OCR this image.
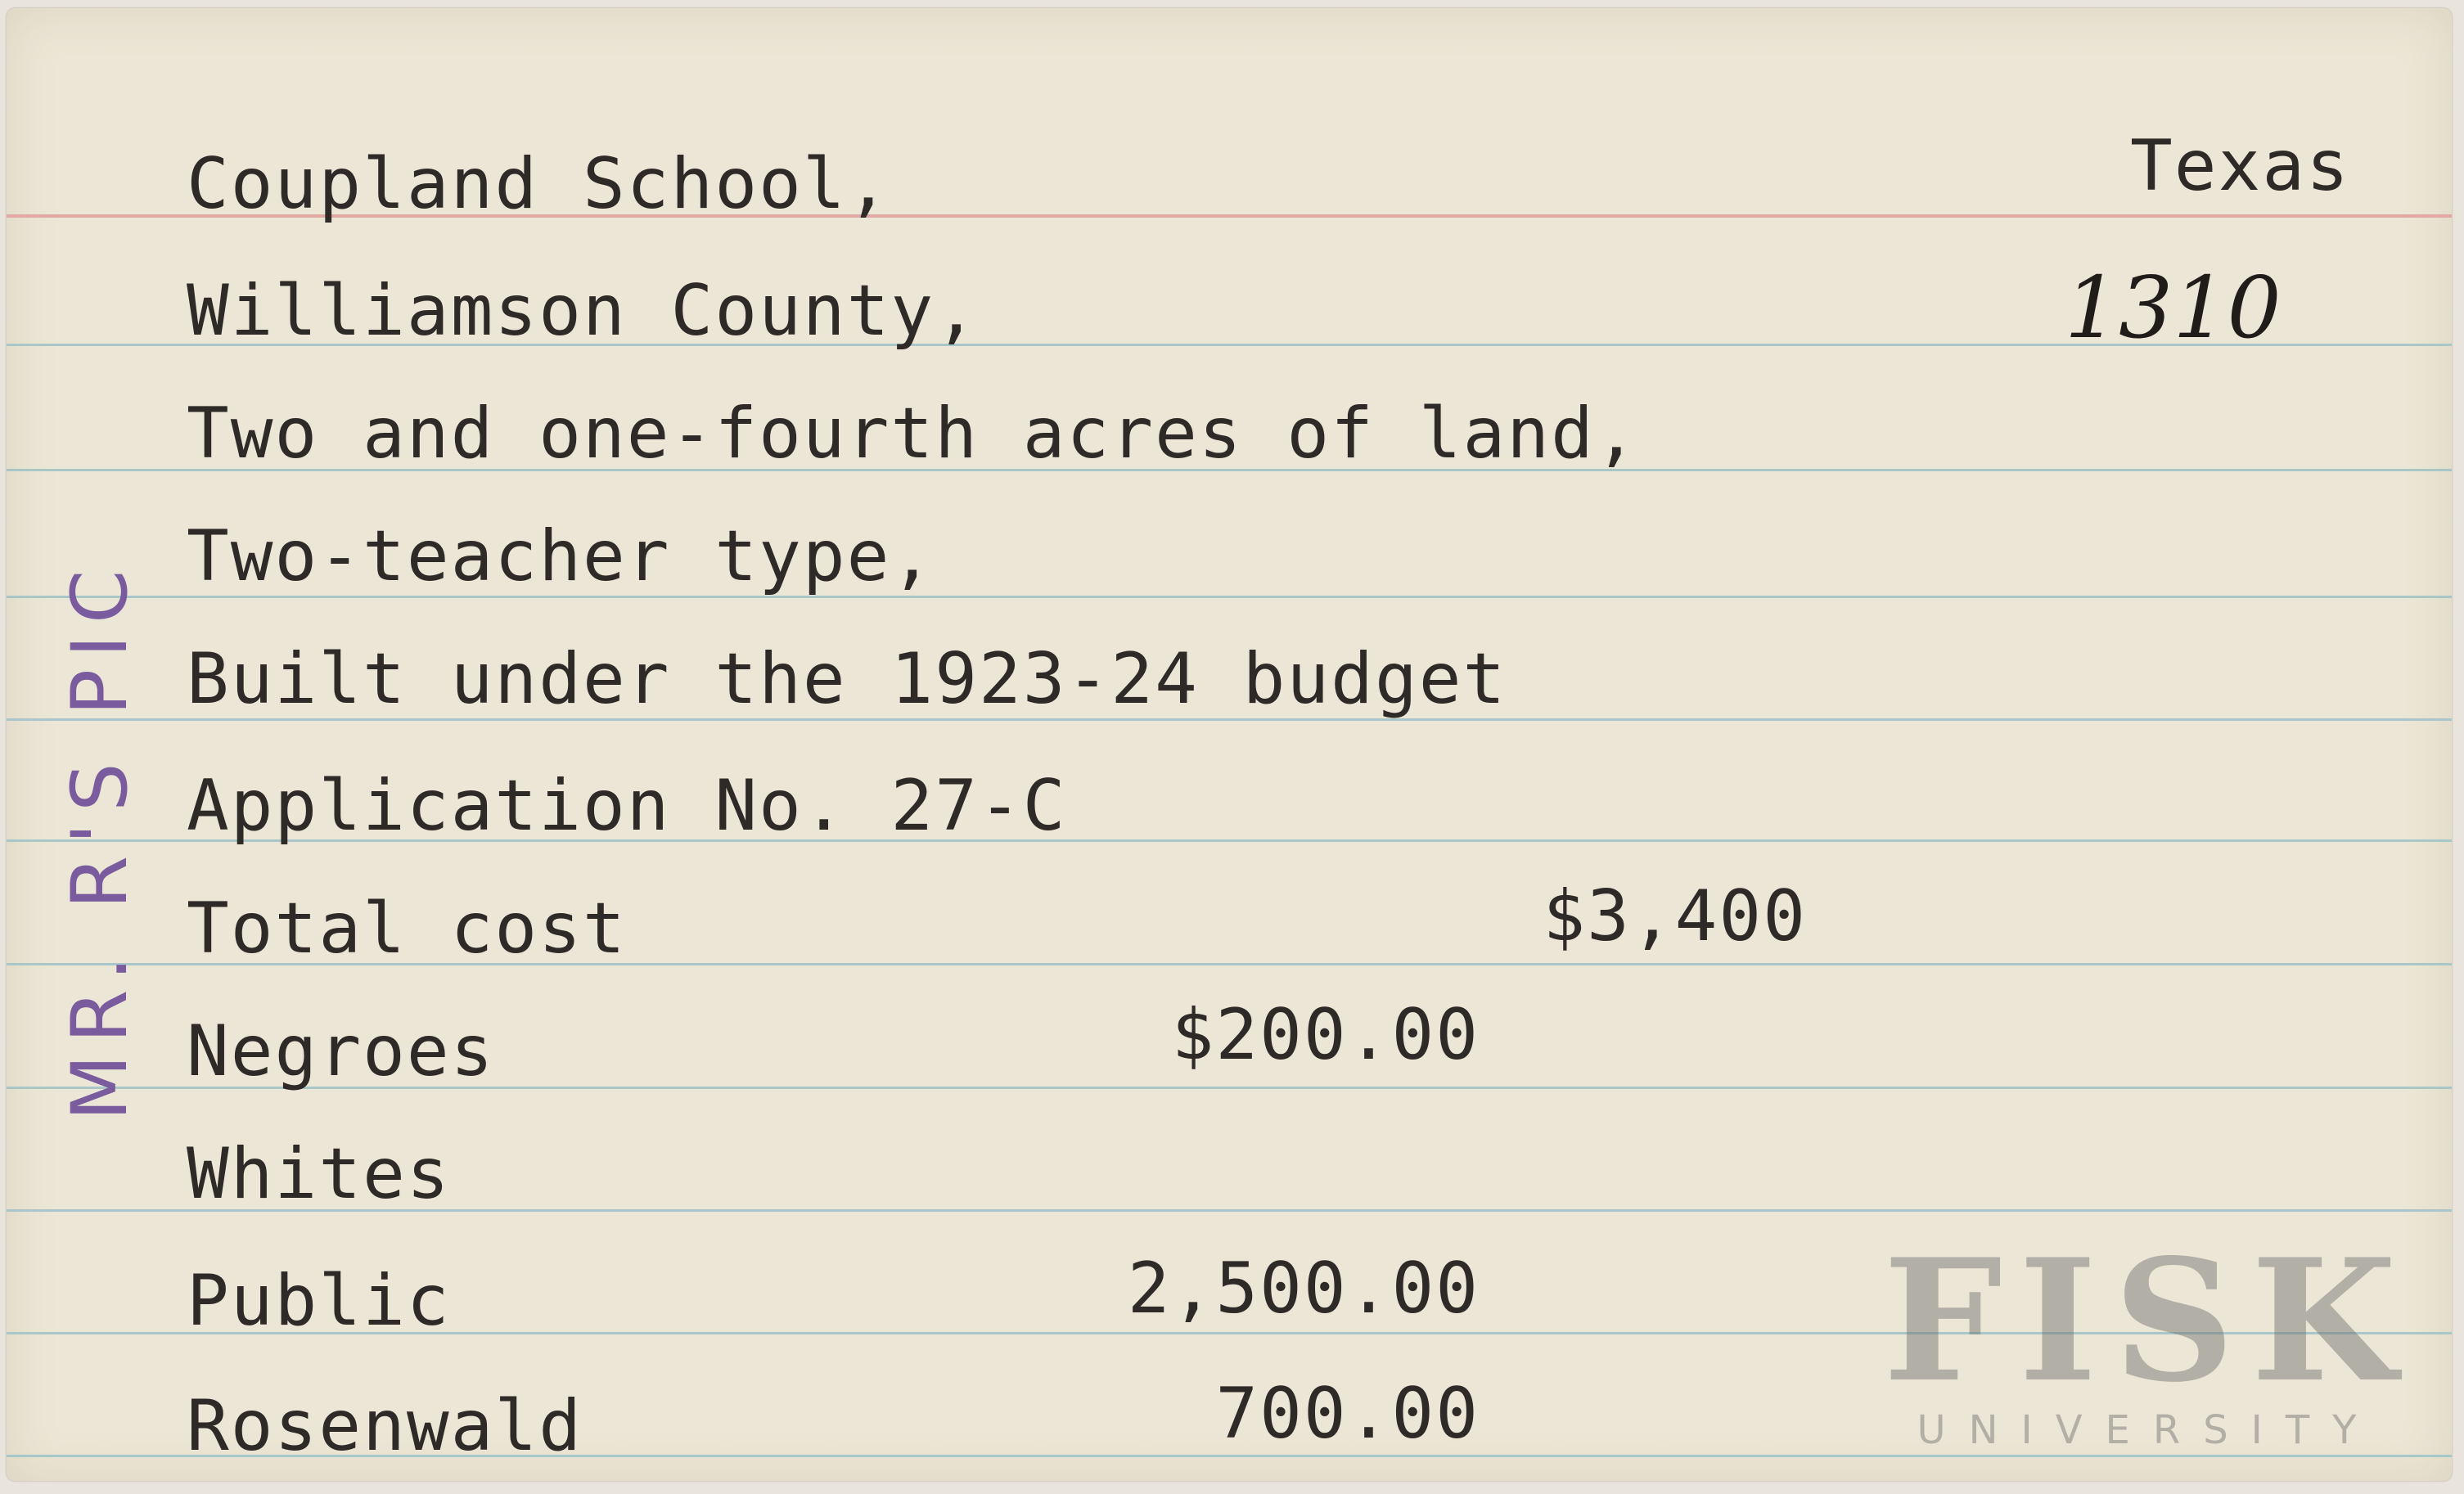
Coupland School,	Texas
1310
Williamson County,
Two and one-fourth acres of land,
Two-teacher type,
Built under the 1923-24 budget
Application No. 27-C
Total cost	$3,400
Negroes	$200.00
Whites
Public	2,500.00
Rosenwald	700.00
MR. R'S PIC
FISK
UNIVERSITY
